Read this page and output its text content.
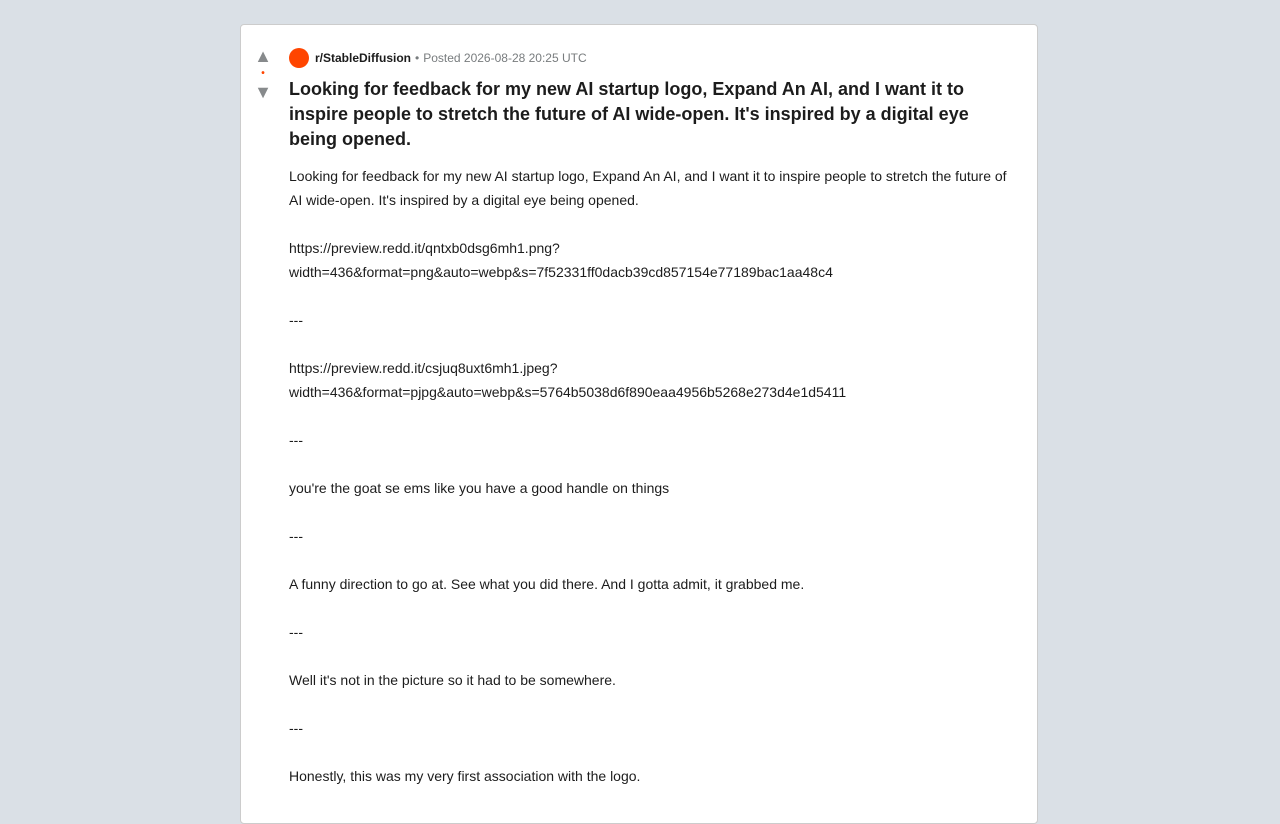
▲
•
▼
r/StableDiffusion • Posted 2026-08-28 20:25 UTC
Looking for feedback for my new AI startup logo, Expand An AI, and I want it to inspire people to stretch the future of AI wide-open. It's inspired by a digital eye being opened.

Looking for feedback for my new AI startup logo, Expand An AI, and I want it to inspire people to stretch the future of AI wide-open. It's inspired by a digital eye being opened.

https://preview.redd.it/qntxb0dsg6mh1.png?width=436&format=png&auto=webp&s=7f52331ff0dacb39cd857154e77189bac1aa48c4

---

https://preview.redd.it/csjuq8uxt6mh1.jpeg?width=436&format=pjpg&auto=webp&s=5764b5038d6f890eaa4956b5268e273d4e1d5411

---

you're the goat se ems like you have a good handle on things

---

A funny direction to go at. See what you did there. And I gotta admit, it grabbed me.

---

Well it's not in the picture so it had to be somewhere.

---

Honestly, this was my very first association with the logo.
